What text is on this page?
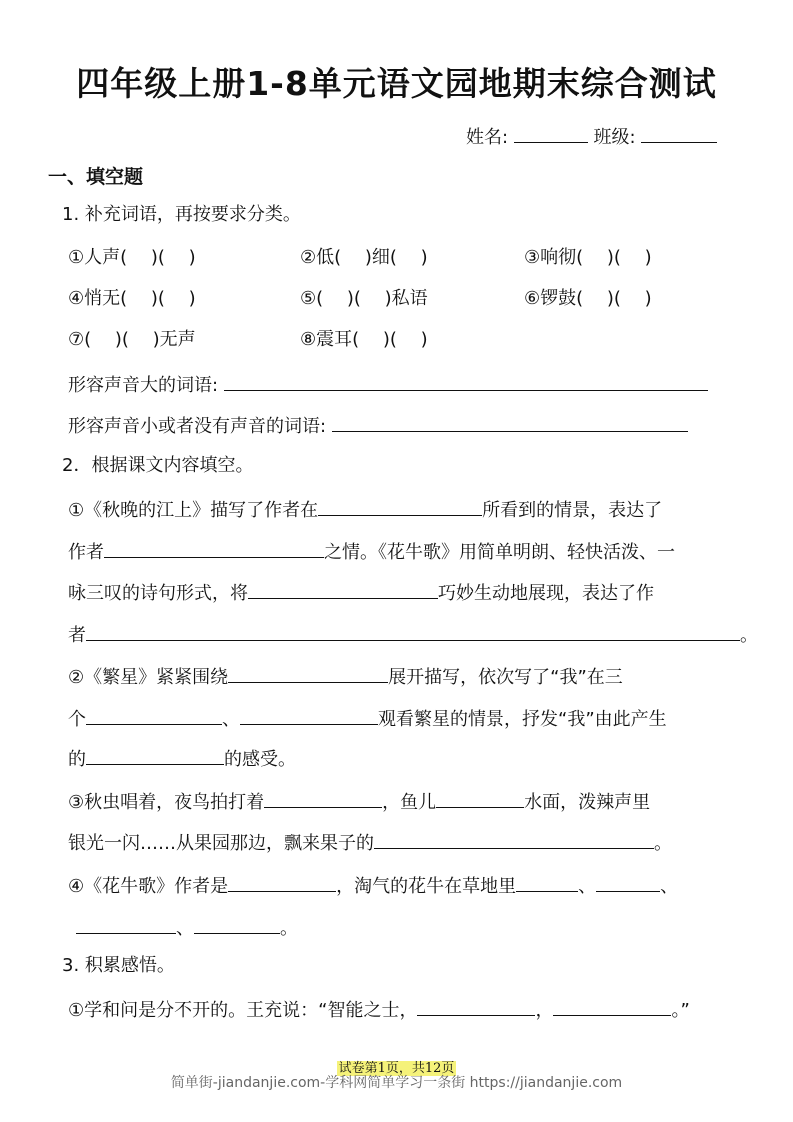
四年级上册1-8单元语文园地期末综合测试
姓名:	班级:
一、填空题
1. 补充词语，再按要求分类。
①人声(　 )(　 )	②低(　 )细(　 )	③响彻(　 )(　 )
④悄无(　 )(　 )	⑤(　 )(　 )私语	⑥锣鼓(　 )(　 )
⑦(　 )(　 )无声	⑧震耳(　 )(　 )
形容声音大的词语:
形容声音小或者没有声音的词语:
2．根据课文内容填空。
①《秋晚的江上》描写了作者在	所看到的情景，表达了
作者	之情。《花牛歌》用简单明朗、轻快活泼、一
咏三叹的诗句形式，将	巧妙生动地展现，表达了作
者	。
②《繁星》紧紧围绕	展开描写，依次写了“我”在三
个	、	观看繁星的情景，抒发“我”由此产生
的	的感受。
③秋虫唱着，夜鸟拍打着	，鱼儿	水面，泼辣声里
银光一闪……从果园那边，飘来果子的	。
④《花牛歌》作者是	，淘气的花牛在草地里	、	、
、	。
3. 积累感悟。
①学和问是分不开的。王充说：“智能之士，	，	。”
试卷第1页，共12页
简单街-jiandanjie.com-学科网简单学习一条街 https://jiandanjie.com
